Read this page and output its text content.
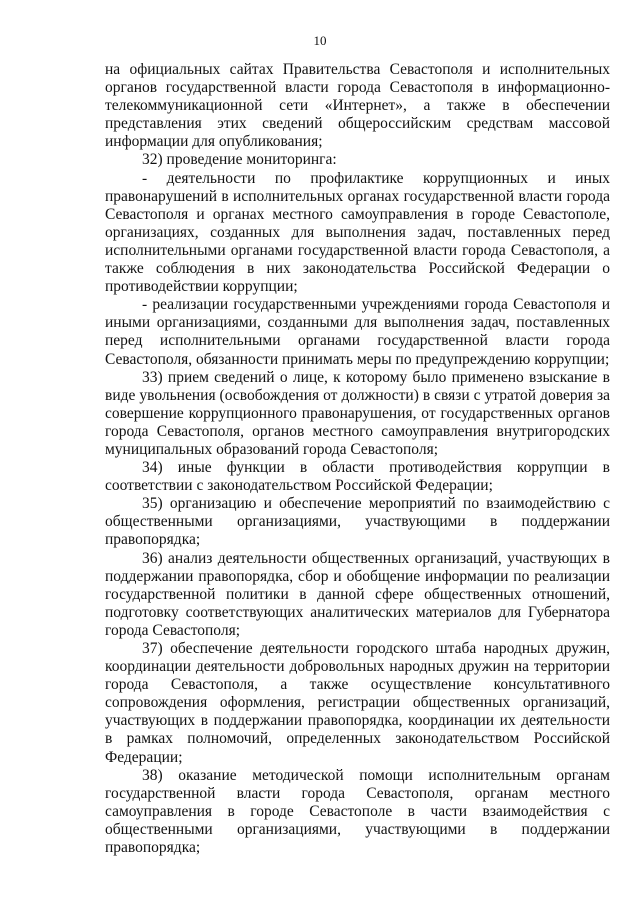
10

на официальных сайтах Правительства Севастополя и исполнительных органов государственной власти города Севастополя в информационно-телекоммуникационной сети «Интернет», а также в обеспечении представления этих сведений общероссийским средствам массовой информации для опубликования;

32) проведение мониторинга:

- деятельности по профилактике коррупционных и иных правонарушений в исполнительных органах государственной власти города Севастополя и органах местного самоуправления в городе Севастополе, организациях, созданных для выполнения задач, поставленных перед исполнительными органами государственной власти города Севастополя, а также соблюдения в них законодательства Российской Федерации о противодействии коррупции;

- реализации государственными учреждениями города Севастополя и иными организациями, созданными для выполнения задач, поставленных перед исполнительными органами государственной власти города Севастополя, обязанности принимать меры по предупреждению коррупции;

33) прием сведений о лице, к которому было применено взыскание в виде увольнения (освобождения от должности) в связи с утратой доверия за совершение коррупционного правонарушения, от государственных органов города Севастополя, органов местного самоуправления внутригородских муниципальных образований города Севастополя;

34) иные функции в области противодействия коррупции в соответствии с законодательством Российской Федерации;

35) организацию и обеспечение мероприятий по взаимодействию с общественными организациями, участвующими в поддержании правопорядка;

36) анализ деятельности общественных организаций, участвующих в поддержании правопорядка, сбор и обобщение информации по реализации государственной политики в данной сфере общественных отношений, подготовку соответствующих аналитических материалов для Губернатора города Севастополя;

37) обеспечение деятельности городского штаба народных дружин, координации деятельности добровольных народных дружин на территории города Севастополя, а также осуществление консультативного сопровождения оформления, регистрации общественных организаций, участвующих в поддержании правопорядка, координации их деятельности в рамках полномочий, определенных законодательством Российской Федерации;

38) оказание методической помощи исполнительным органам государственной власти города Севастополя, органам местного самоуправления в городе Севастополе в части взаимодействия с общественными организациями, участвующими в поддержании правопорядка;
